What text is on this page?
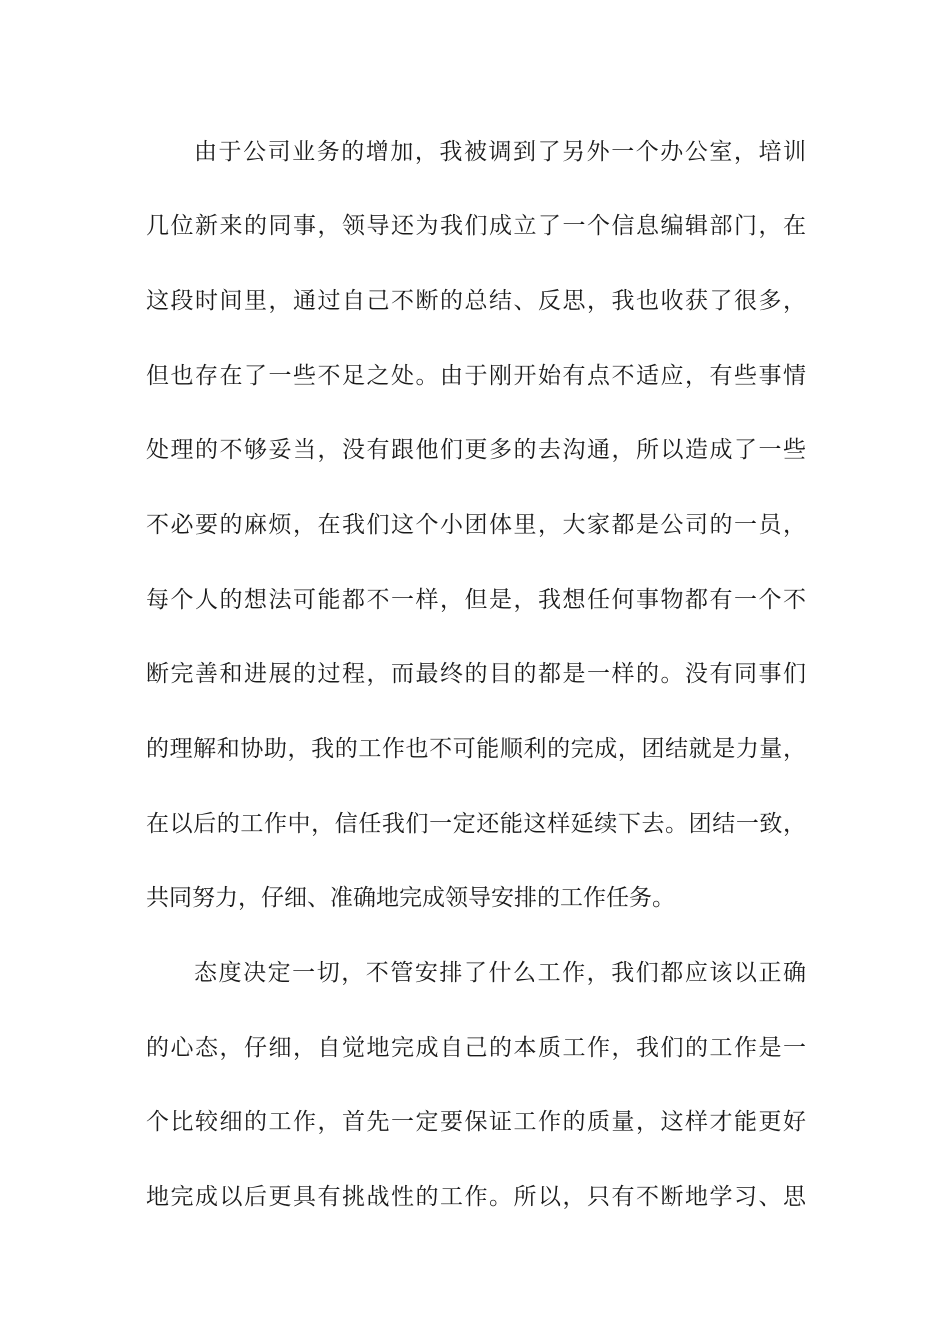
由于公司业务的增加，我被调到了另外一个办公室，培训
几位新来的同事，领导还为我们成立了一个信息编辑部门，在
这段时间里，通过自己不断的总结、反思，我也收获了很多，
但也存在了一些不足之处。由于刚开始有点不适应，有些事情
处理的不够妥当，没有跟他们更多的去沟通，所以造成了一些
不必要的麻烦，在我们这个小团体里，大家都是公司的一员，
每个人的想法可能都不一样，但是，我想任何事物都有一个不
断完善和进展的过程，而最终的目的都是一样的。没有同事们
的理解和协助，我的工作也不可能顺利的完成，团结就是力量，
在以后的工作中，信任我们一定还能这样延续下去。团结一致，
共同努力，仔细、准确地完成领导安排的工作任务。
态度决定一切，不管安排了什么工作，我们都应该以正确
的心态，仔细，自觉地完成自己的本质工作，我们的工作是一
个比较细的工作，首先一定要保证工作的质量，这样才能更好
地完成以后更具有挑战性的工作。所以，只有不断地学习、思
